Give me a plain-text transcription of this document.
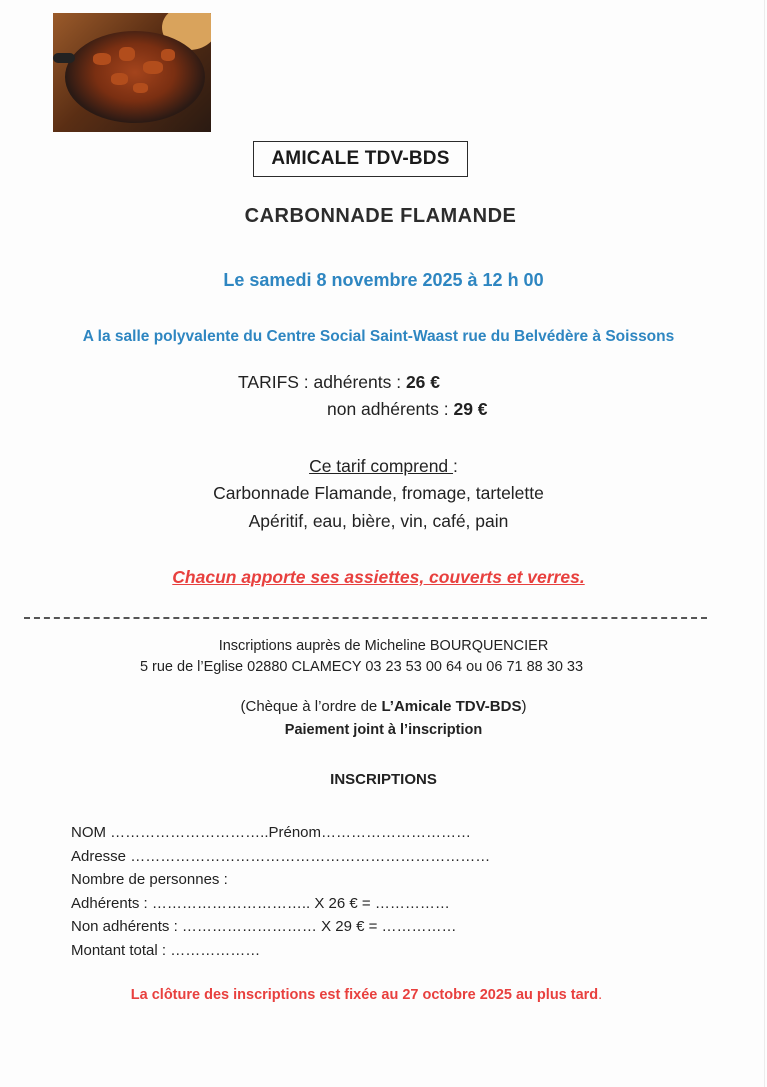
AMICALE TDV-BDS
CARBONNADE FLAMANDE
Le samedi 8 novembre 2025 à 12 h 00
A la salle polyvalente du Centre Social Saint-Waast rue du Belvédère à Soissons
TARIFS : adhérents : 26 €
non adhérents : 29 €
Ce tarif comprend :
Carbonnade Flamande, fromage, tartelette
Apéritif, eau, bière, vin, café, pain
Chacun apporte ses assiettes, couverts et verres.
Inscriptions auprès de Micheline BOURQUENCIER
5 rue de l’Eglise 02880 CLAMECY 03 23 53 00 64 ou 06 71 88 30 33
(Chèque à l’ordre de L’Amicale TDV-BDS)
Paiement joint à l’inscription
INSCRIPTIONS
NOM …………………………..Prénom…………………………
Adresse ………………………………………………………………
Nombre de personnes :
Adhérents : ………………………….. X 26 € = ……………
Non adhérents : ……………………… X 29 € = ……………
Montant total : ………………
La clôture des inscriptions est fixée au 27 octobre 2025 au plus tard.
